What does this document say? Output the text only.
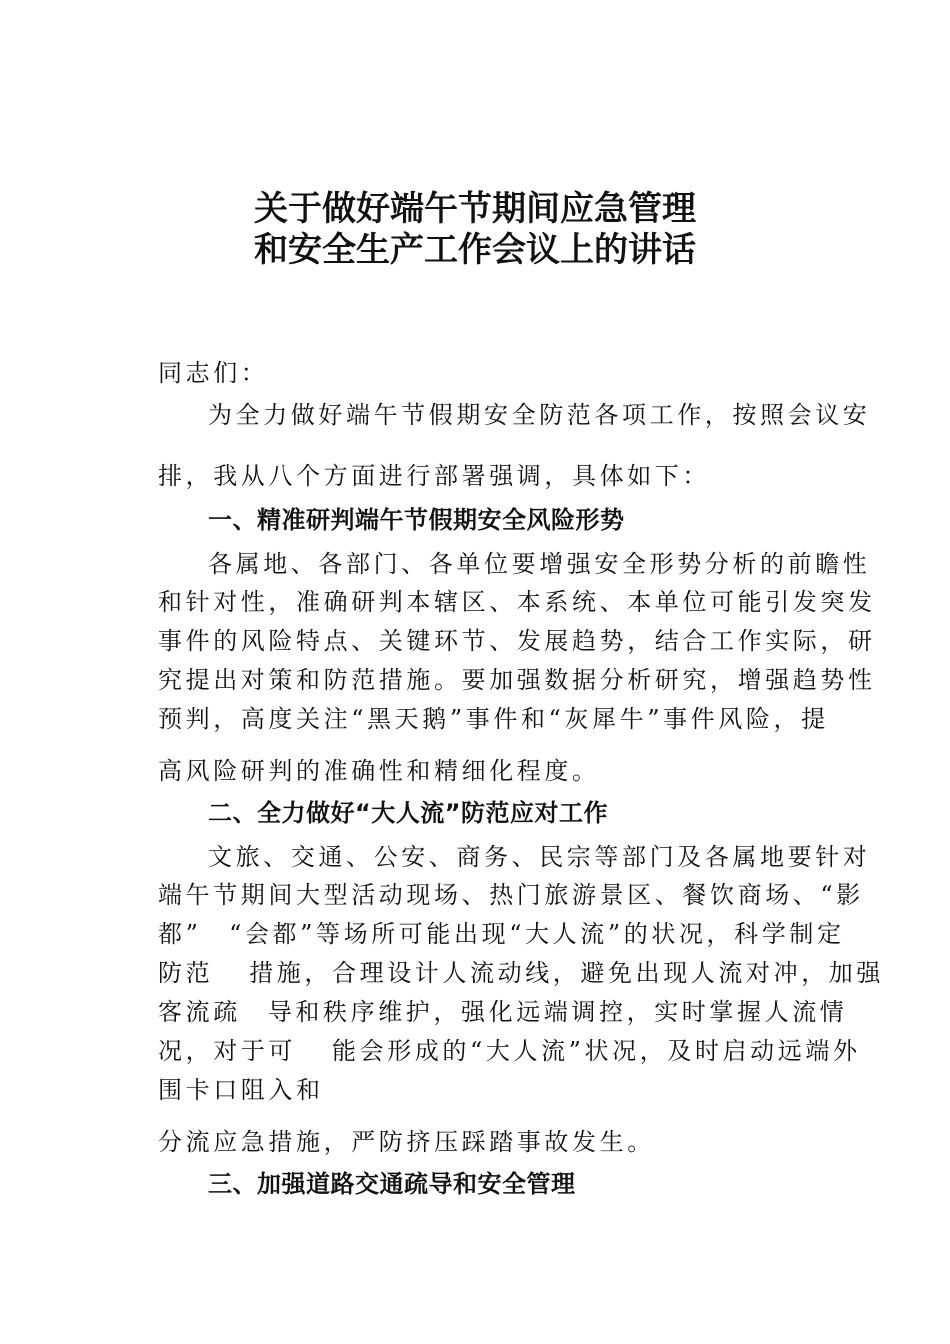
关于做好端午节期间应急管理
和安全生产工作会议上的讲话
同志们：
为全力做好端午节假期安全防范各项工作，按照会议安
排，我从八个方面进行部署强调，具体如下：
一、精准研判端午节假期安全风险形势
各属地、各部门、各单位要增强安全形势分析的前瞻性
和针对性，准确研判本辖区、本系统、本单位可能引发突发
事件的风险特点、关键环节、发展趋势，结合工作实际，研
究提出对策和防范措施。要加强数据分析研究，增强趋势性
预判，高度关注“黑天鹅”事件和“灰犀牛”事件风险，提
高风险研判的准确性和精细化程度。
二、全力做好“大人流”防范应对工作
文旅、交通、公安、商务、民宗等部门及各属地要针对
端午节期间大型活动现场、热门旅游景区、餐饮商场、“影
都”　“会都”等场所可能出现“大人流”的状况，科学制定
防范 措施，合理设计人流动线，避免出现人流对冲，加强
客流疏 导和秩序维护，强化远端调控，实时掌握人流情
况，对于可 能会形成的“大人流”状况，及时启动远端外
围卡口阻入和
分流应急措施，严防挤压踩踏事故发生。
三、加强道路交通疏导和安全管理
